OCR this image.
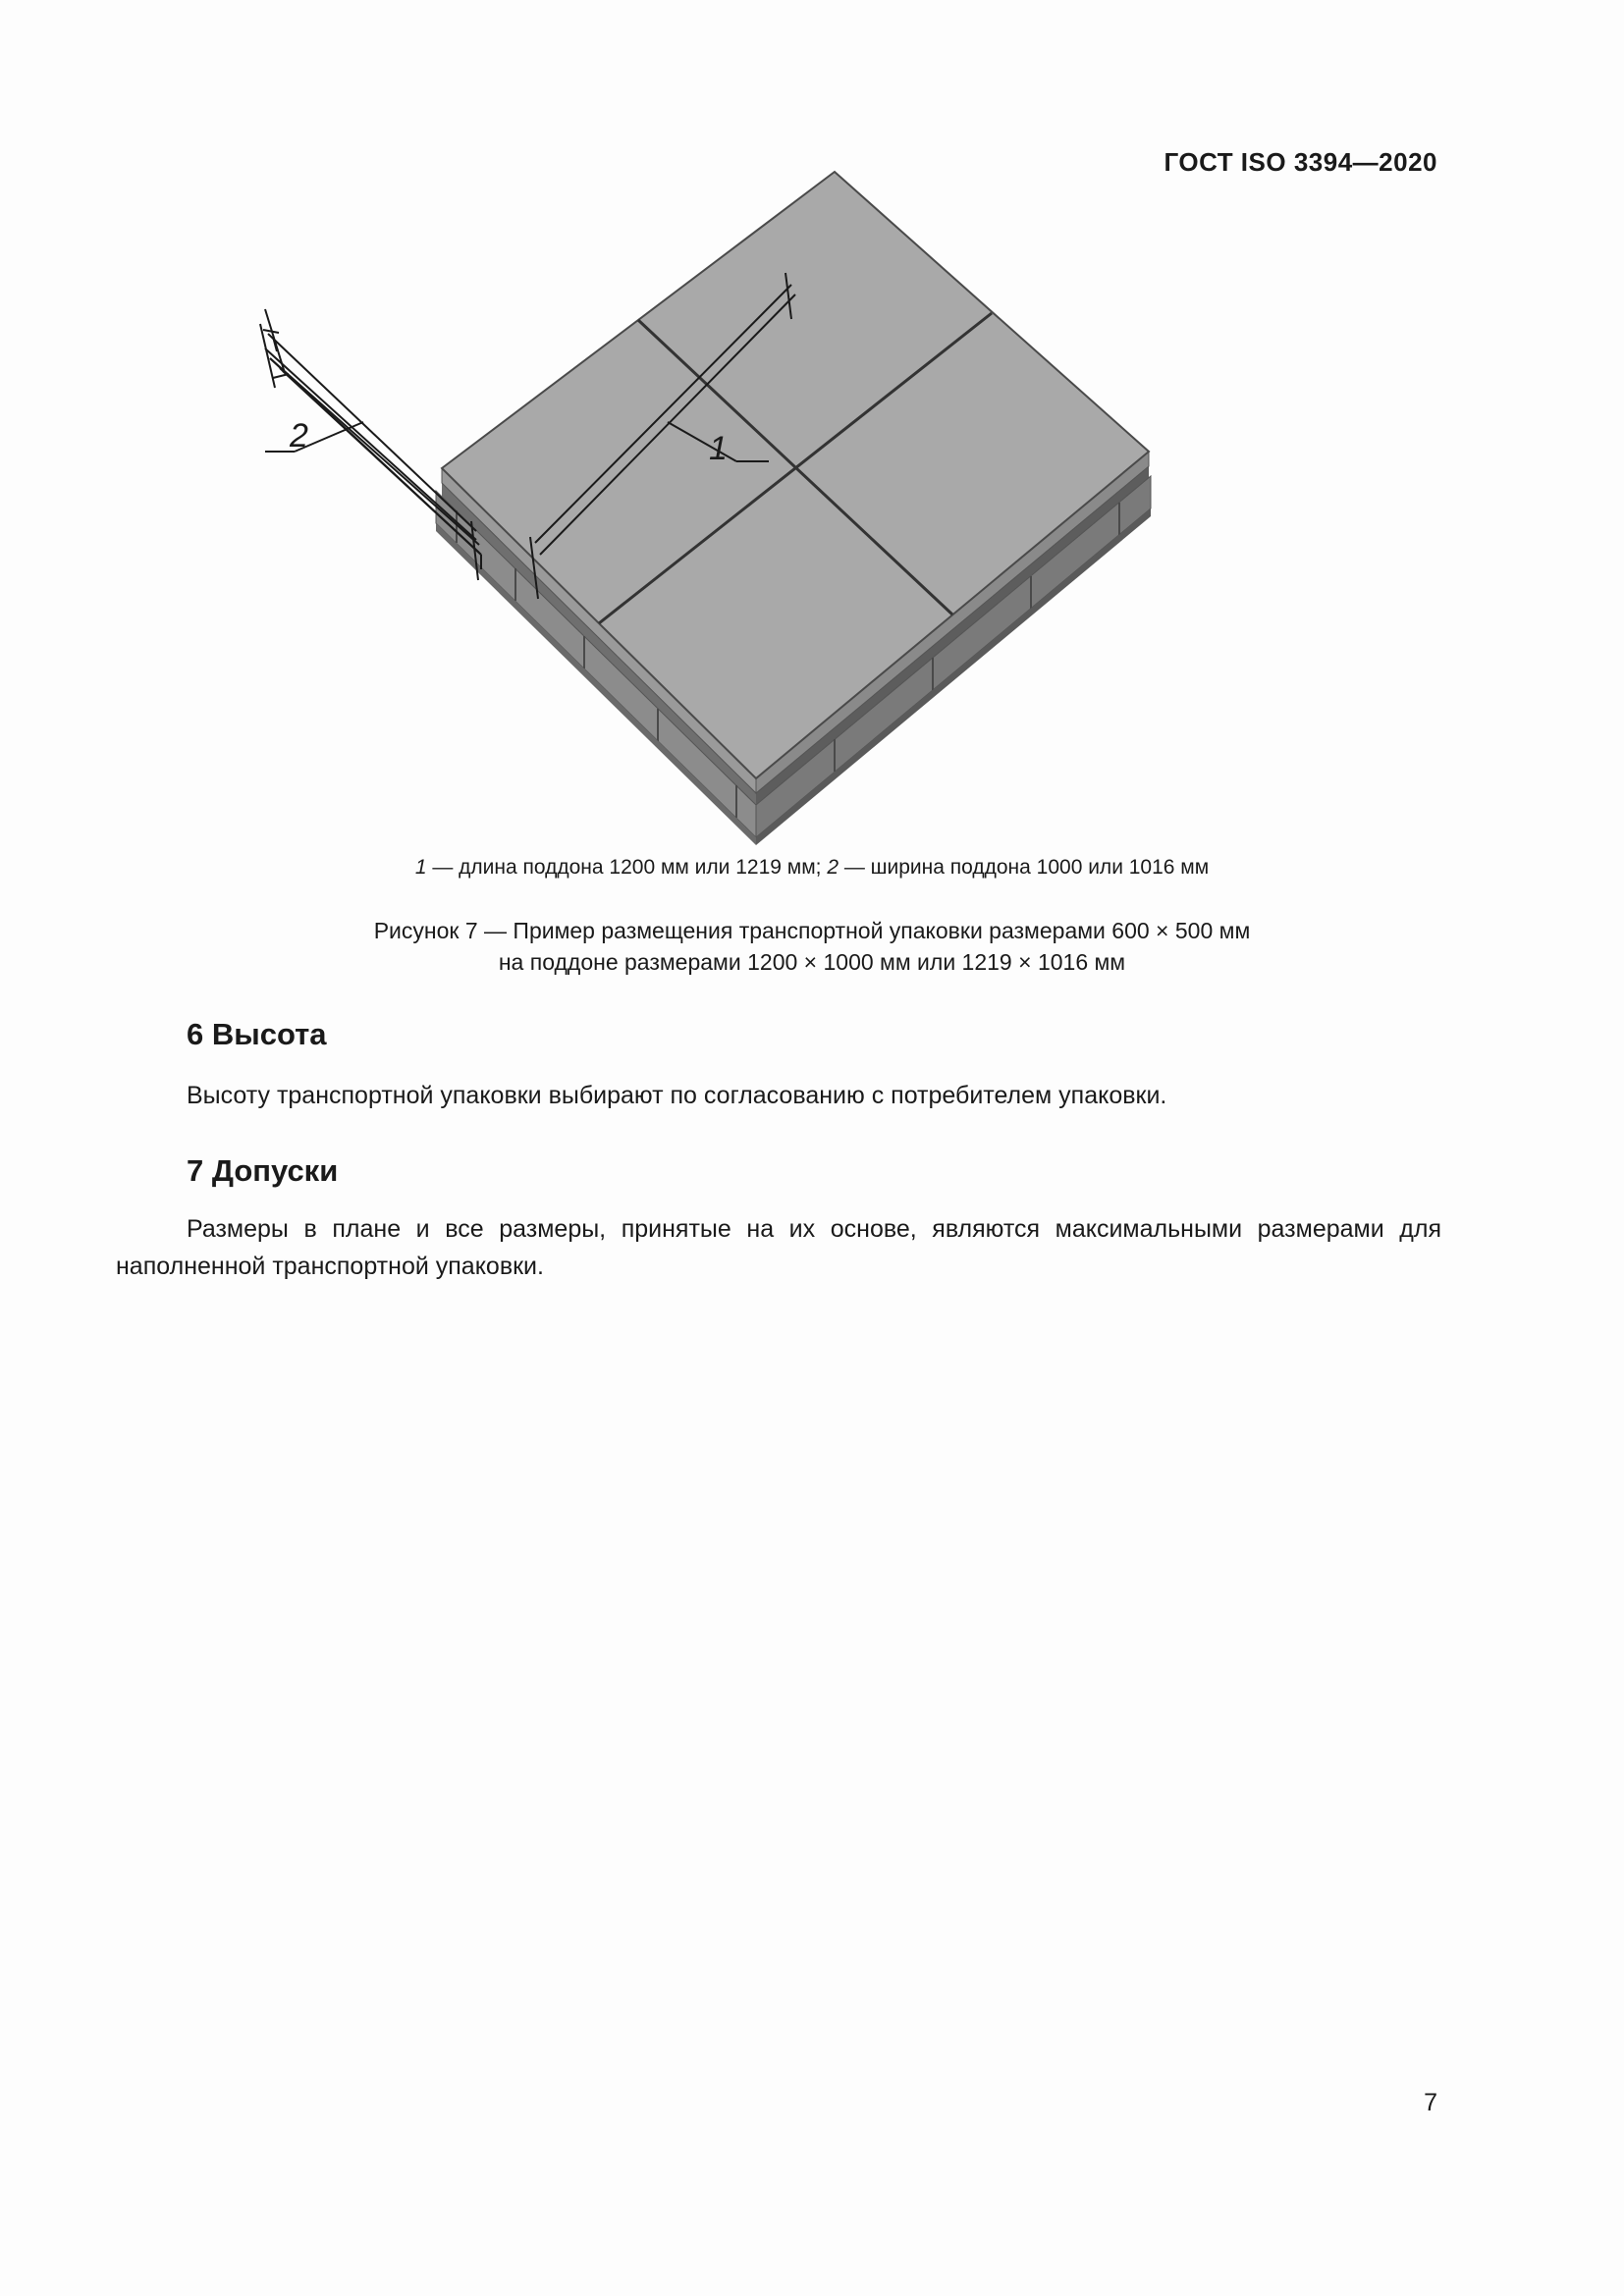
ГОСТ ISO 3394—2020
1
2
1 — длина поддона 1200 мм или 1219 мм; 2 — ширина поддона 1000 или 1016 мм
Рисунок 7 — Пример размещения транспортной упаковки размерами 600 × 500 мм
на поддоне размерами 1200 × 1000 мм или 1219 × 1016 мм
6 Высота
Высоту транспортной упаковки выбирают по согласованию с потребителем упаковки.
7 Допуски
Размеры в плане и все размеры, принятые на их основе, являются максимальными размерами для наполненной транспортной упаковки.
7
